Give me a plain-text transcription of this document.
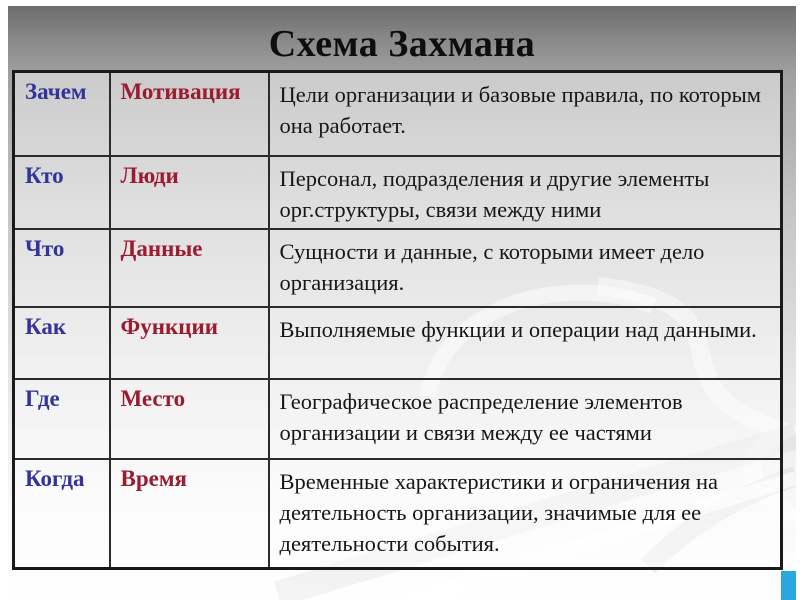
Схема Захмана
Зачем	Мотивация	Цели организации и базовые правила, по которым она работает.
Кто	Люди	Персонал, подразделения и другие элементы орг.структуры, связи между ними
Что	Данные	Сущности и данные, с которыми имеет дело организация.
Как	Функции	Выполняемые функции и операции над данными.
Где	Место	Географическое распределение элементов организации и связи между ее частями
Когда	Время	Временные характеристики и ограничения на деятельность организации, значимые для ее деятельности события.
